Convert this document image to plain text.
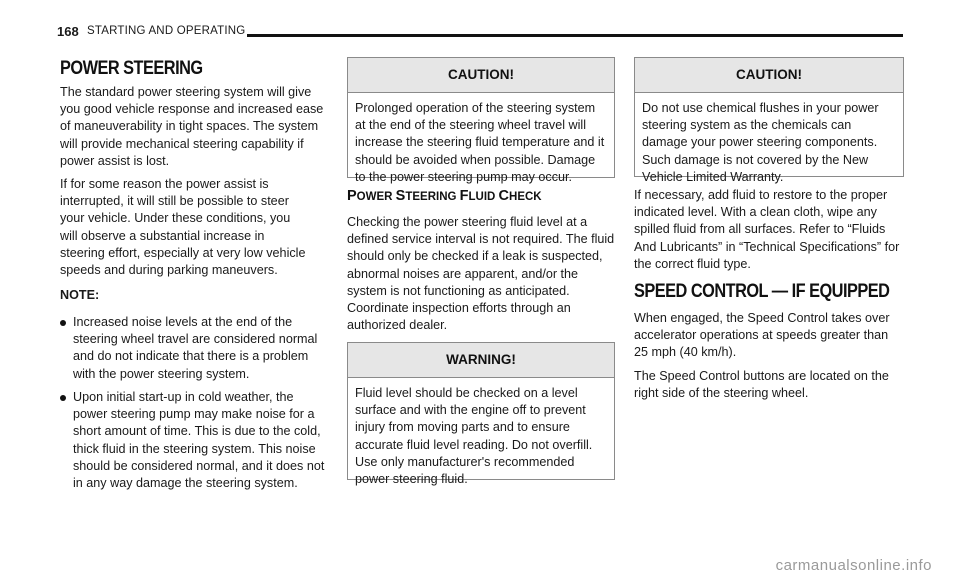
168 STARTING AND OPERATING
POWER STEERING

The standard power steering system will give you good vehicle response and increased ease of maneuverability in tight spaces. The system will provide mechanical steering capability if power assist is lost.

If for some reason the power assist is interrupted, it will still be possible to steer your vehicle. Under these conditions, you will observe a substantial increase in steering effort, especially at very low vehicle speeds and during parking maneuvers.

NOTE:
Increased noise levels at the end of the steering wheel travel are considered normal and do not indicate that there is a problem with the power steering system.
Upon initial start-up in cold weather, the power steering pump may make noise for a short amount of time. This is due to the cold, thick fluid in the steering system. This noise should be considered normal, and it does not in any way damage the steering system.
CAUTION!
Prolonged operation of the steering system at the end of the steering wheel travel will increase the steering fluid temperature and it should be avoided when possible. Damage to the power steering pump may occur.
POWER STEERING FLUID CHECK

Checking the power steering fluid level at a defined service interval is not required. The fluid should only be checked if a leak is suspected, abnormal noises are apparent, and/or the system is not functioning as anticipated. Coordinate inspection efforts through an authorized dealer.

WARNING!
Fluid level should be checked on a level surface and with the engine off to prevent injury from moving parts and to ensure accurate fluid level reading. Do not overfill. Use only manufacturer's recommended power steering fluid.
CAUTION!
Do not use chemical flushes in your power steering system as the chemicals can damage your power steering components. Such damage is not covered by the New Vehicle Limited Warranty.

If necessary, add fluid to restore to the proper indicated level. With a clean cloth, wipe any spilled fluid from all surfaces. Refer to “Fluids And Lubricants” in “Technical Specifications” for the correct fluid type.

SPEED CONTROL — IF EQUIPPED

When engaged, the Speed Control takes over accelerator operations at speeds greater than 25 mph (40 km/h).

The Speed Control buttons are located on the right side of the steering wheel.

carmanualsonline.info
